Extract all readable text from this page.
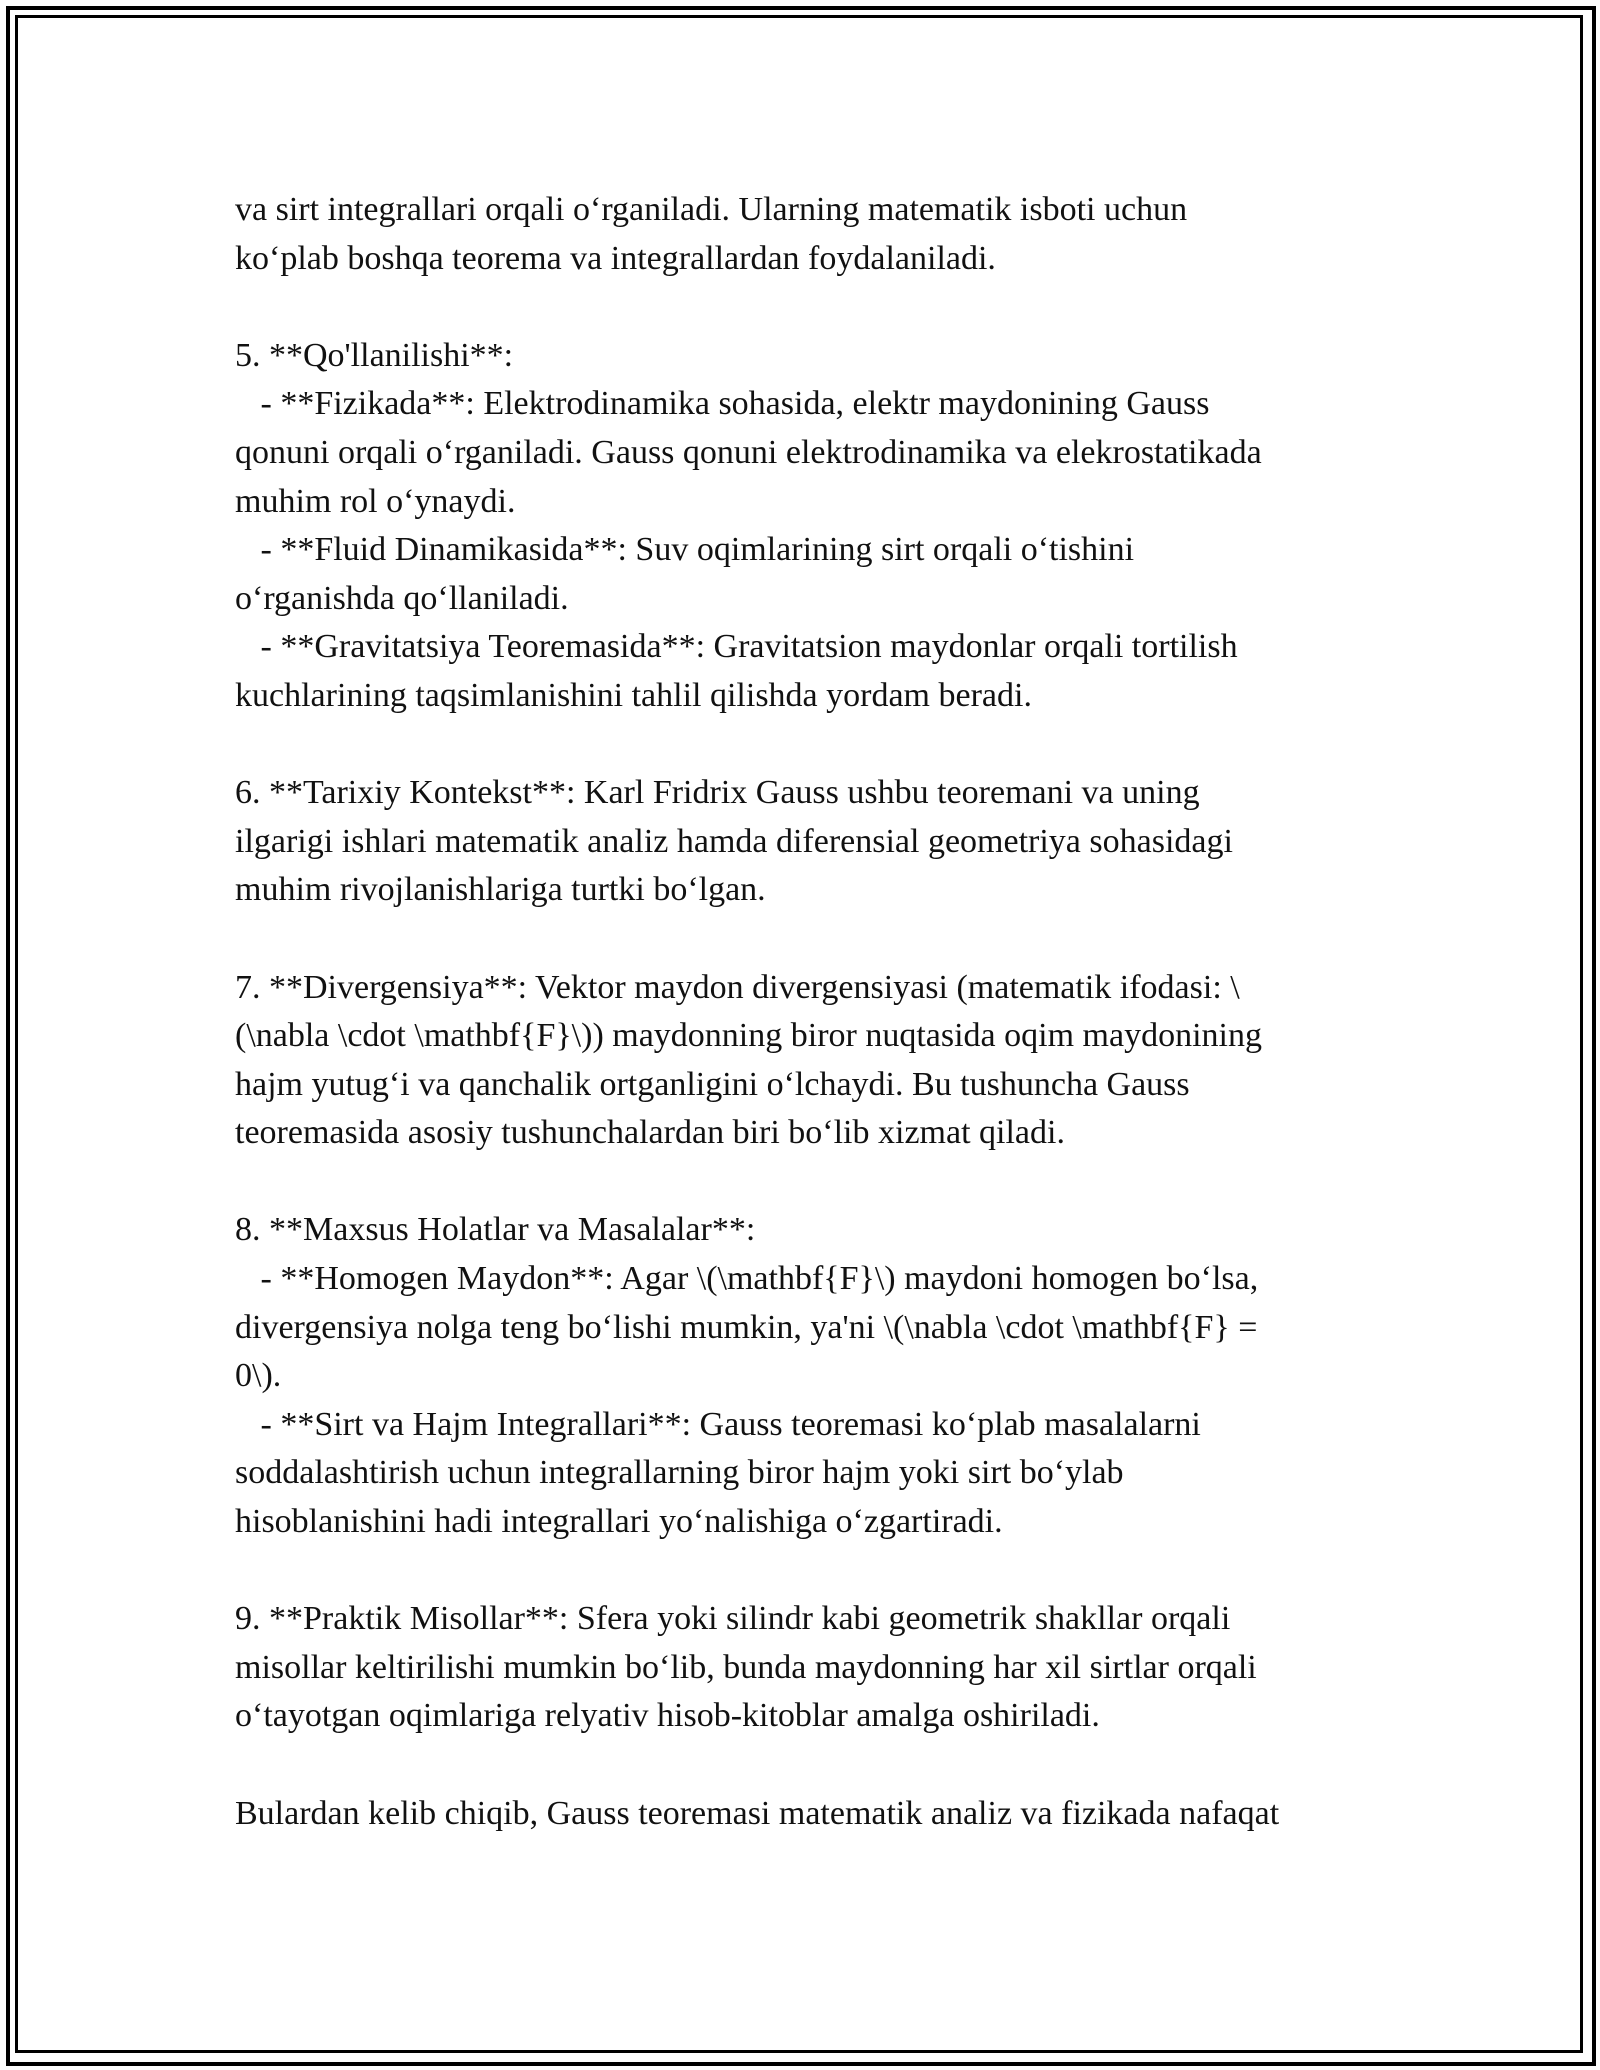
va sirt integrallari orqali o‘rganiladi. Ularning matematik isboti uchun
ko‘plab boshqa teorema va integrallardan foydalaniladi.
5. **Qo'llanilishi**:
- **Fizikada**: Elektrodinamika sohasida, elektr maydonining Gauss
qonuni orqali o‘rganiladi. Gauss qonuni elektrodinamika va elekrostatikada
muhim rol o‘ynaydi.
- **Fluid Dinamikasida**: Suv oqimlarining sirt orqali o‘tishini
o‘rganishda qo‘llaniladi.
- **Gravitatsiya Teoremasida**: Gravitatsion maydonlar orqali tortilish
kuchlarining taqsimlanishini tahlil qilishda yordam beradi.
6. **Tarixiy Kontekst**: Karl Fridrix Gauss ushbu teoremani va uning
ilgarigi ishlari matematik analiz hamda diferensial geometriya sohasidagi
muhim rivojlanishlariga turtki bo‘lgan.
7. **Divergensiya**: Vektor maydon divergensiyasi (matematik ifodasi: \
(\nabla \cdot \mathbf{F}\)) maydonning biror nuqtasida oqim maydonining
hajm yutug‘i va qanchalik ortganligini o‘lchaydi. Bu tushuncha Gauss
teoremasida asosiy tushunchalardan biri bo‘lib xizmat qiladi.
8. **Maxsus Holatlar va Masalalar**:
- **Homogen Maydon**: Agar \(\mathbf{F}\) maydoni homogen bo‘lsa,
divergensiya nolga teng bo‘lishi mumkin, ya'ni \(\nabla \cdot \mathbf{F} =
0\).
- **Sirt va Hajm Integrallari**: Gauss teoremasi ko‘plab masalalarni
soddalashtirish uchun integrallarning biror hajm yoki sirt bo‘ylab
hisoblanishini hadi integrallari yo‘nalishiga o‘zgartiradi.
9. **Praktik Misollar**: Sfera yoki silindr kabi geometrik shakllar orqali
misollar keltirilishi mumkin bo‘lib, bunda maydonning har xil sirtlar orqali
o‘tayotgan oqimlariga relyativ hisob-kitoblar amalga oshiriladi.
Bulardan kelib chiqib, Gauss teoremasi matematik analiz va fizikada nafaqat
